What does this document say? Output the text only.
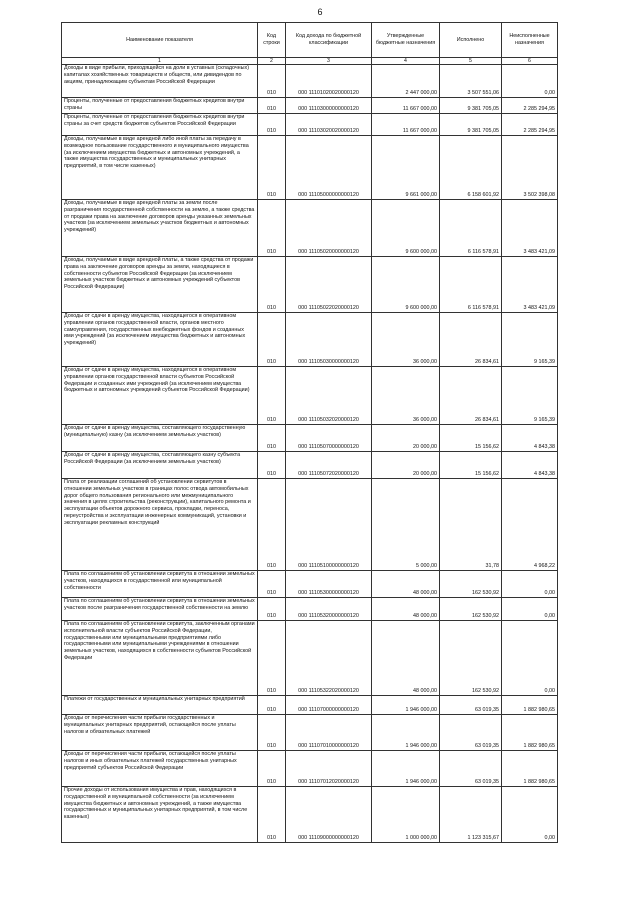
6
Наименование показателя	Код строки	Код дохода по бюджетной классификации	Утвержденные бюджетные назначения	Исполнено	Неисполненные назначения
1	2	3	4	5	6
Доходы в виде прибыли, приходящейся на доли в уставных (складочных) капиталах хозяйственных товариществ и обществ, или дивидендов по акциям, принадлежащим субъектам Российской Федерации	010	000 11101020020000120	2 447 000,00	3 507 551,06	0,00
Проценты, полученные от предоставления бюджетных кредитов внутри страны	010	000 11103000000000120	11 667 000,00	9 381 705,05	2 285 294,95
Проценты, полученные от предоставления бюджетных кредитов внутри страны за счет средств бюджетов субъектов Российской Федерации	010	000 11103020020000120	11 667 000,00	9 381 705,05	2 285 294,95
Доходы, получаемые в виде арендной либо иной платы за передачу в возмездное пользование государственного и муниципального имущества (за исключением имущества бюджетных и автономных учреждений, а также имущества государственных и муниципальных унитарных предприятий, в том числе казенных)	010	000 11105000000000120	9 661 000,00	6 158 601,92	3 502 398,08
Доходы, получаемые в виде арендной платы за земли после разграничения государственной собственности на землю, а также средства от продажи права на заключение договоров аренды указанных земельных участков (за исключением земельных участков бюджетных и автономных учреждений)	010	000 11105020000000120	9 600 000,00	6 116 578,91	3 483 421,09
Доходы, получаемые в виде арендной платы, а также средства от продажи права на заключение договоров аренды за земли, находящиеся в собственности субъектов Российской Федерации (за исключением земельных участков бюджетных и автономных учреждений субъектов Российской Федерации)	010	000 11105022020000120	9 600 000,00	6 116 578,91	3 483 421,09
Доходы от сдачи в аренду имущества, находящегося в оперативном управлении органов государственной власти, органов местного самоуправления, государственных внебюджетных фондов и созданных ими учреждений (за исключением имущества бюджетных и автономных учреждений)	010	000 11105030000000120	36 000,00	26 834,61	9 165,39
Доходы от сдачи в аренду имущества, находящегося в оперативном управлении органов государственной власти субъектов Российской Федерации и созданных ими учреждений (за исключением имущества бюджетных и автономных учреждений субъектов Российской Федерации)	010	000 11105032020000120	36 000,00	26 834,61	9 165,39
Доходы от сдачи в аренду имущества, составляющего государственную (муниципальную) казну (за исключением земельных участков)	010	000 11105070000000120	20 000,00	15 156,62	4 843,38
Доходы от сдачи в аренду имущества, составляющего казну субъекта Российской Федерации (за исключением земельных участков)	010	000 11105072020000120	20 000,00	15 156,62	4 843,38
Плата от реализации соглашений об установлении сервитутов в отношении земельных участков в границах полос отвода автомобильных дорог общего пользования регионального или межмуниципального значения в целях строительства (реконструкции), капитального ремонта и эксплуатации объектов дорожного сервиса, прокладки, переноса, переустройства и эксплуатации инженерных коммуникаций, установки и эксплуатации рекламных конструкций	010	000 11105100000000120	5 000,00	31,78	4 968,22
Плата по соглашениям об установлении сервитута в отношении земельных участков, находящихся в государственной или муниципальной собственности	010	000 11105300000000120	48 000,00	162 530,92	0,00
Плата по соглашениям об установлении сервитута в отношении земельных участков после разграничения государственной собственности на землю	010	000 11105320000000120	48 000,00	162 530,92	0,00
Плата по соглашениям об установлении сервитута, заключенным органами исполнительной власти субъектов Российской Федерации, государственными или муниципальными предприятиями либо государственными или муниципальными учреждениями в отношении земельных участков, находящихся в собственности субъектов Российской Федерации	010	000 11105322020000120	48 000,00	162 530,92	0,00
Платежи от государственных и муниципальных унитарных предприятий	010	000 11107000000000120	1 946 000,00	63 019,35	1 882 980,65
Доходы от перечисления части прибыли государственных и муниципальных унитарных предприятий, остающейся после уплаты налогов и обязательных платежей	010	000 11107010000000120	1 946 000,00	63 019,35	1 882 980,65
Доходы от перечисления части прибыли, остающейся после уплаты налогов и иных обязательных платежей государственных унитарных предприятий субъектов Российской Федерации	010	000 11107012020000120	1 946 000,00	63 019,35	1 882 980,65
Прочие доходы от использования имущества и прав, находящихся в государственной и муниципальной собственности (за исключением имущества бюджетных и автономных учреждений, а также имущества государственных и муниципальных унитарных предприятий, в том числе казенных)	010	000 11109000000000120	1 000 000,00	1 123 315,67	0,00
